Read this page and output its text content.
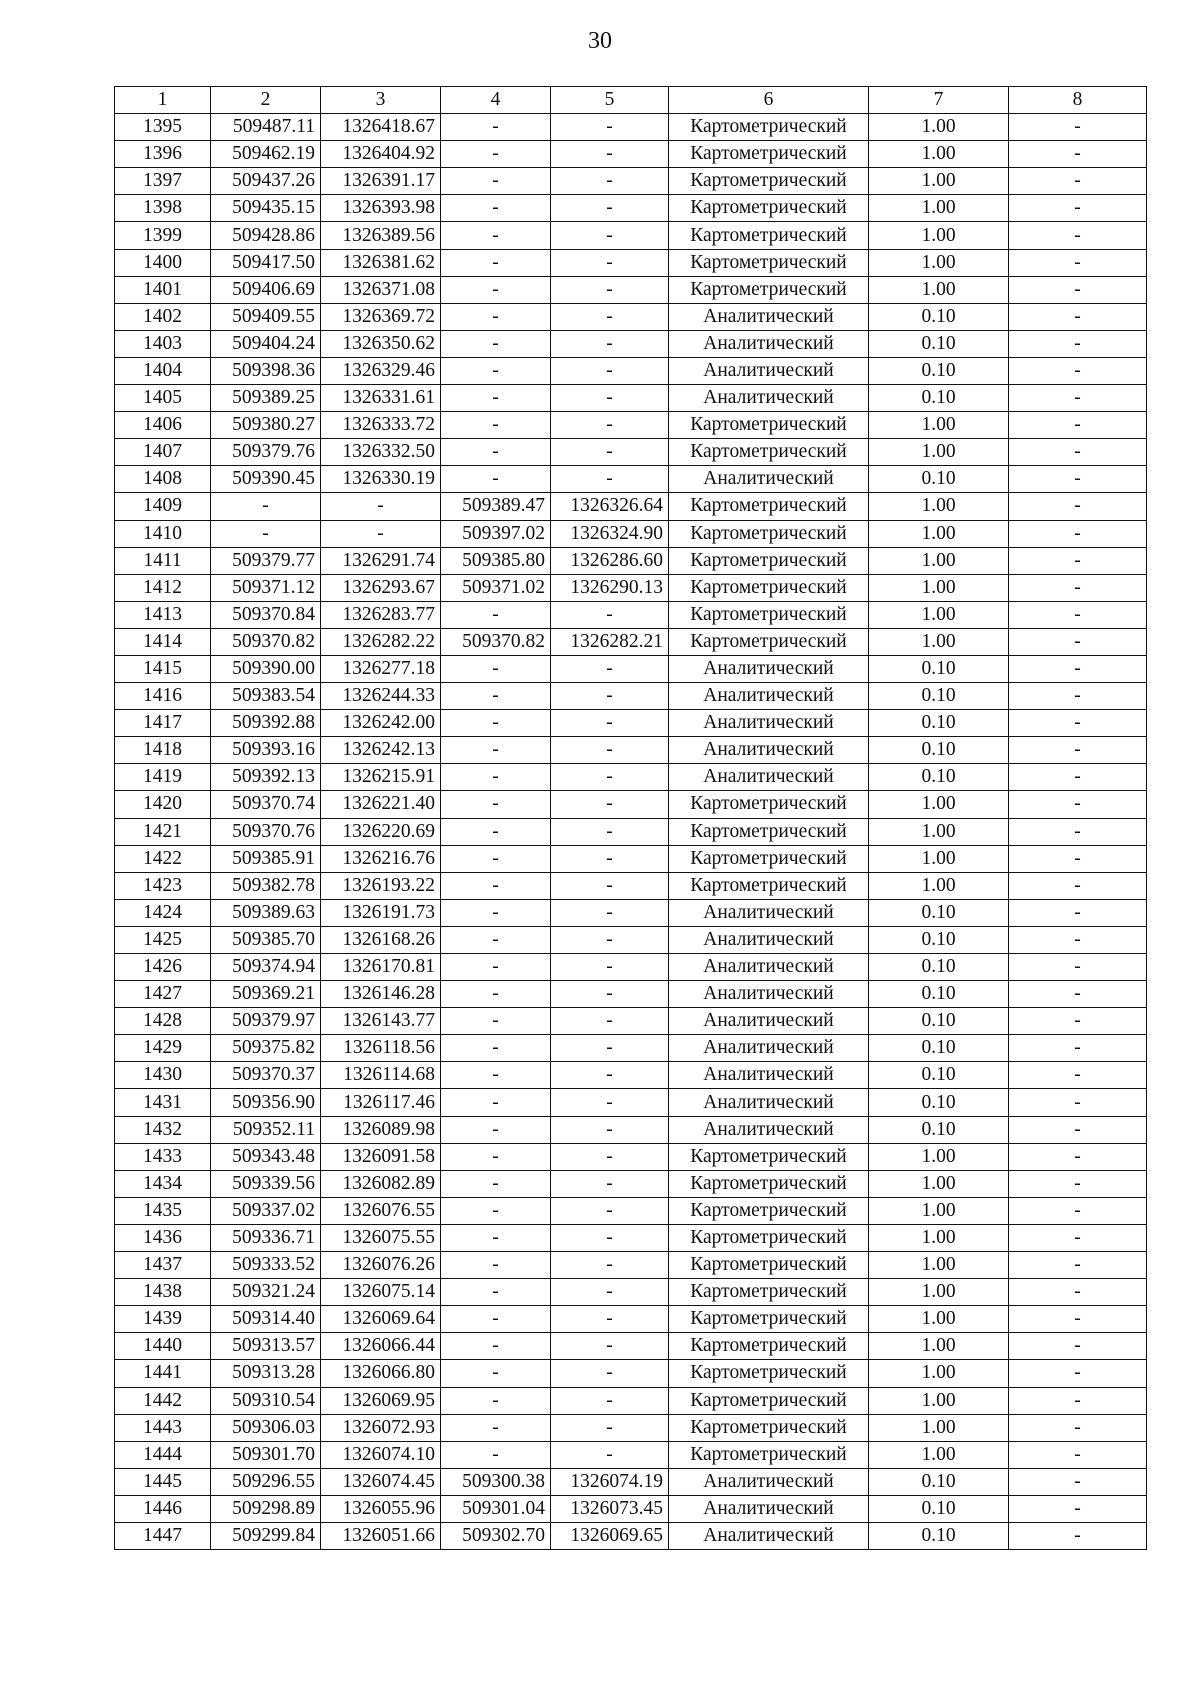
30
1	2	3	4	5	6	7	8
1395	509487.11	1326418.67	-	-	Картометрический	1.00	-
1396	509462.19	1326404.92	-	-	Картометрический	1.00	-
1397	509437.26	1326391.17	-	-	Картометрический	1.00	-
1398	509435.15	1326393.98	-	-	Картометрический	1.00	-
1399	509428.86	1326389.56	-	-	Картометрический	1.00	-
1400	509417.50	1326381.62	-	-	Картометрический	1.00	-
1401	509406.69	1326371.08	-	-	Картометрический	1.00	-
1402	509409.55	1326369.72	-	-	Аналитический	0.10	-
1403	509404.24	1326350.62	-	-	Аналитический	0.10	-
1404	509398.36	1326329.46	-	-	Аналитический	0.10	-
1405	509389.25	1326331.61	-	-	Аналитический	0.10	-
1406	509380.27	1326333.72	-	-	Картометрический	1.00	-
1407	509379.76	1326332.50	-	-	Картометрический	1.00	-
1408	509390.45	1326330.19	-	-	Аналитический	0.10	-
1409	-	-	509389.47	1326326.64	Картометрический	1.00	-
1410	-	-	509397.02	1326324.90	Картометрический	1.00	-
1411	509379.77	1326291.74	509385.80	1326286.60	Картометрический	1.00	-
1412	509371.12	1326293.67	509371.02	1326290.13	Картометрический	1.00	-
1413	509370.84	1326283.77	-	-	Картометрический	1.00	-
1414	509370.82	1326282.22	509370.82	1326282.21	Картометрический	1.00	-
1415	509390.00	1326277.18	-	-	Аналитический	0.10	-
1416	509383.54	1326244.33	-	-	Аналитический	0.10	-
1417	509392.88	1326242.00	-	-	Аналитический	0.10	-
1418	509393.16	1326242.13	-	-	Аналитический	0.10	-
1419	509392.13	1326215.91	-	-	Аналитический	0.10	-
1420	509370.74	1326221.40	-	-	Картометрический	1.00	-
1421	509370.76	1326220.69	-	-	Картометрический	1.00	-
1422	509385.91	1326216.76	-	-	Картометрический	1.00	-
1423	509382.78	1326193.22	-	-	Картометрический	1.00	-
1424	509389.63	1326191.73	-	-	Аналитический	0.10	-
1425	509385.70	1326168.26	-	-	Аналитический	0.10	-
1426	509374.94	1326170.81	-	-	Аналитический	0.10	-
1427	509369.21	1326146.28	-	-	Аналитический	0.10	-
1428	509379.97	1326143.77	-	-	Аналитический	0.10	-
1429	509375.82	1326118.56	-	-	Аналитический	0.10	-
1430	509370.37	1326114.68	-	-	Аналитический	0.10	-
1431	509356.90	1326117.46	-	-	Аналитический	0.10	-
1432	509352.11	1326089.98	-	-	Аналитический	0.10	-
1433	509343.48	1326091.58	-	-	Картометрический	1.00	-
1434	509339.56	1326082.89	-	-	Картометрический	1.00	-
1435	509337.02	1326076.55	-	-	Картометрический	1.00	-
1436	509336.71	1326075.55	-	-	Картометрический	1.00	-
1437	509333.52	1326076.26	-	-	Картометрический	1.00	-
1438	509321.24	1326075.14	-	-	Картометрический	1.00	-
1439	509314.40	1326069.64	-	-	Картометрический	1.00	-
1440	509313.57	1326066.44	-	-	Картометрический	1.00	-
1441	509313.28	1326066.80	-	-	Картометрический	1.00	-
1442	509310.54	1326069.95	-	-	Картометрический	1.00	-
1443	509306.03	1326072.93	-	-	Картометрический	1.00	-
1444	509301.70	1326074.10	-	-	Картометрический	1.00	-
1445	509296.55	1326074.45	509300.38	1326074.19	Аналитический	0.10	-
1446	509298.89	1326055.96	509301.04	1326073.45	Аналитический	0.10	-
1447	509299.84	1326051.66	509302.70	1326069.65	Аналитический	0.10	-
